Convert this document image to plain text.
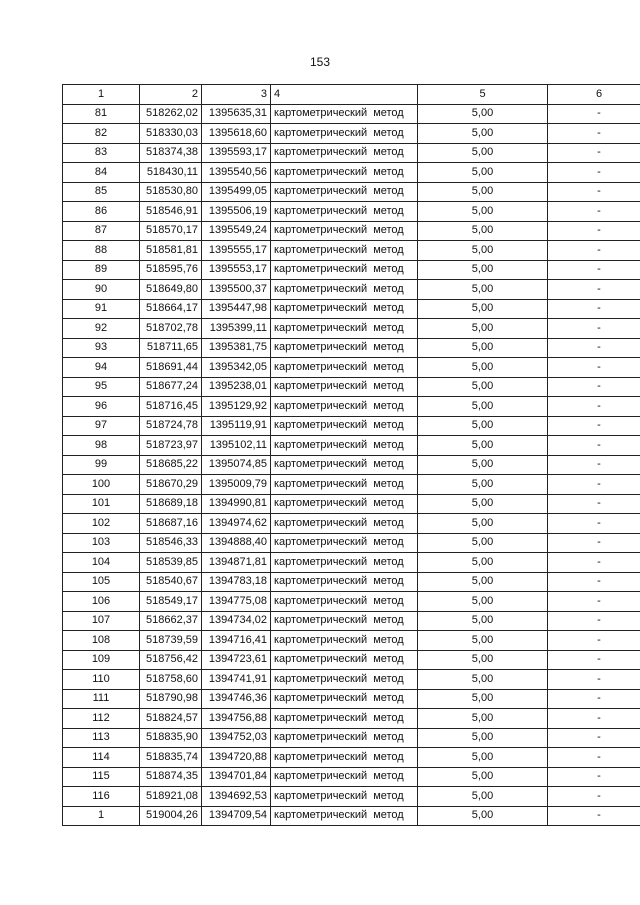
153
1	2	3	4	5	6
81	518262,02	1395635,31	картометрический метод	5,00	-
82	518330,03	1395618,60	картометрический метод	5,00	-
83	518374,38	1395593,17	картометрический метод	5,00	-
84	518430,11	1395540,56	картометрический метод	5,00	-
85	518530,80	1395499,05	картометрический метод	5,00	-
86	518546,91	1395506,19	картометрический метод	5,00	-
87	518570,17	1395549,24	картометрический метод	5,00	-
88	518581,81	1395555,17	картометрический метод	5,00	-
89	518595,76	1395553,17	картометрический метод	5,00	-
90	518649,80	1395500,37	картометрический метод	5,00	-
91	518664,17	1395447,98	картометрический метод	5,00	-
92	518702,78	1395399,11	картометрический метод	5,00	-
93	518711,65	1395381,75	картометрический метод	5,00	-
94	518691,44	1395342,05	картометрический метод	5,00	-
95	518677,24	1395238,01	картометрический метод	5,00	-
96	518716,45	1395129,92	картометрический метод	5,00	-
97	518724,78	1395119,91	картометрический метод	5,00	-
98	518723,97	1395102,11	картометрический метод	5,00	-
99	518685,22	1395074,85	картометрический метод	5,00	-
100	518670,29	1395009,79	картометрический метод	5,00	-
101	518689,18	1394990,81	картометрический метод	5,00	-
102	518687,16	1394974,62	картометрический метод	5,00	-
103	518546,33	1394888,40	картометрический метод	5,00	-
104	518539,85	1394871,81	картометрический метод	5,00	-
105	518540,67	1394783,18	картометрический метод	5,00	-
106	518549,17	1394775,08	картометрический метод	5,00	-
107	518662,37	1394734,02	картометрический метод	5,00	-
108	518739,59	1394716,41	картометрический метод	5,00	-
109	518756,42	1394723,61	картометрический метод	5,00	-
110	518758,60	1394741,91	картометрический метод	5,00	-
111	518790,98	1394746,36	картометрический метод	5,00	-
112	518824,57	1394756,88	картометрический метод	5,00	-
113	518835,90	1394752,03	картометрический метод	5,00	-
114	518835,74	1394720,88	картометрический метод	5,00	-
115	518874,35	1394701,84	картометрический метод	5,00	-
116	518921,08	1394692,53	картометрический метод	5,00	-
1	519004,26	1394709,54	картометрический метод	5,00	-
